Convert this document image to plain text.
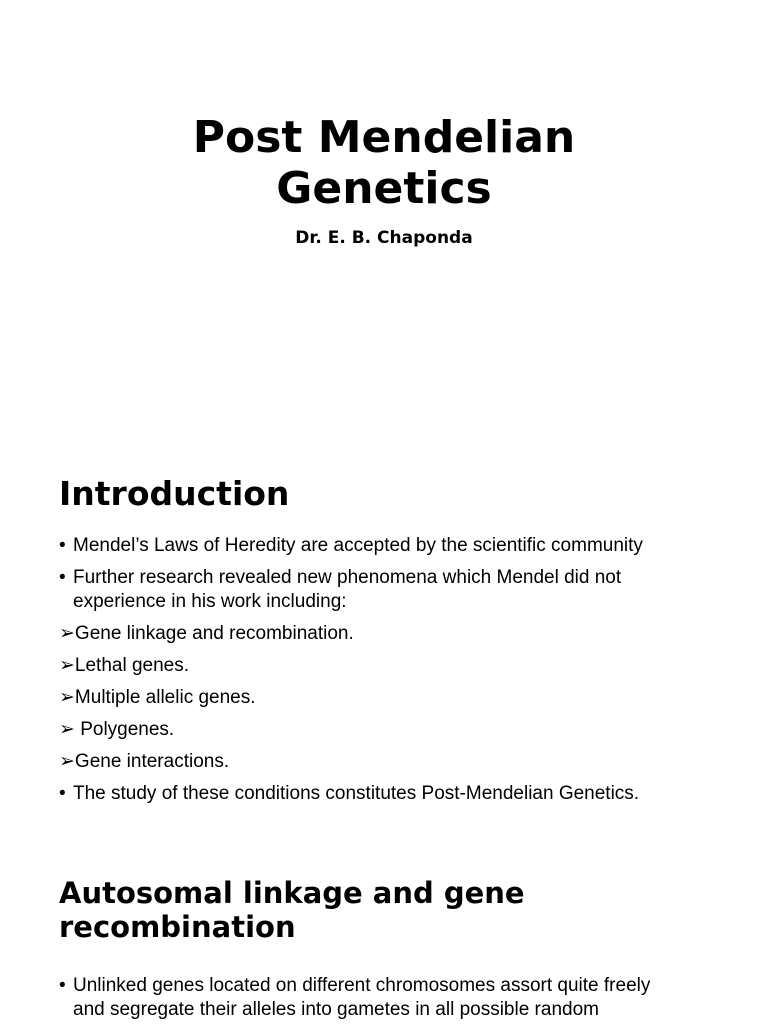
Post Mendelian
Genetics
Dr. E. B. Chaponda
Introduction
• Mendel’s Laws of Heredity are accepted by the scientific community
• Further research revealed new phenomena which Mendel did not
experience in his work including:
➢Gene linkage and recombination.
➢Lethal genes.
➢Multiple allelic genes.
➢ Polygenes.
➢Gene interactions.
• The study of these conditions constitutes Post-Mendelian Genetics.
Autosomal linkage and gene
recombination
• Unlinked genes located on different chromosomes assort quite freely
and segregate their alleles into gametes in all possible random
